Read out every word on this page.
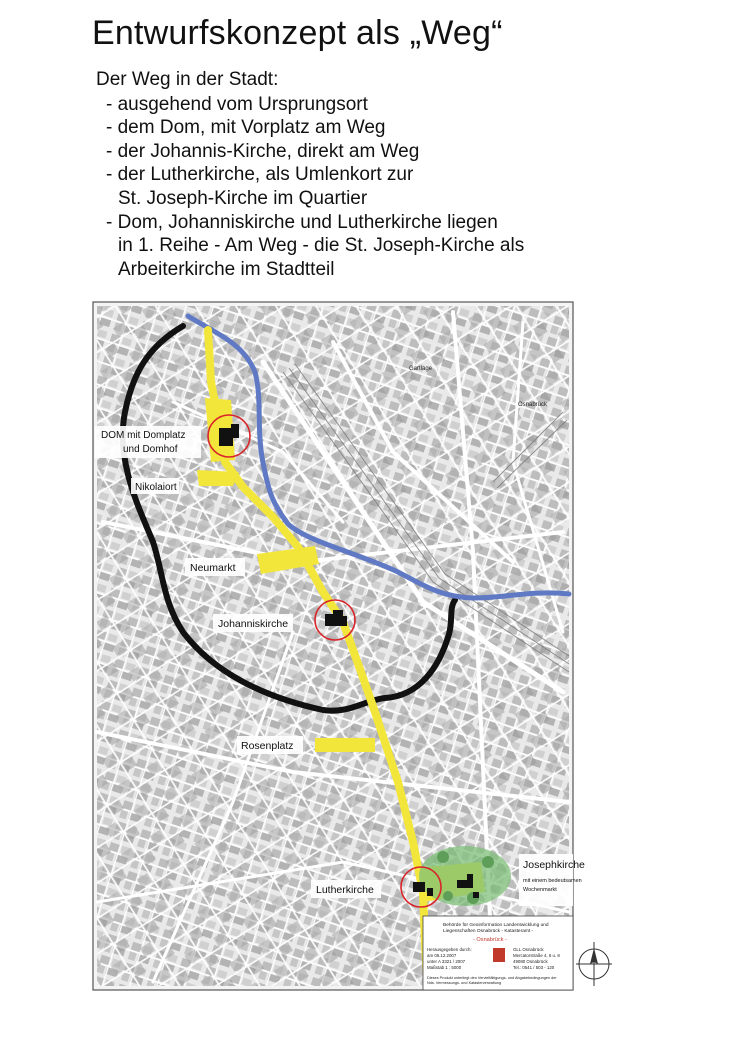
Entwurfskonzept als „Weg“
Der Weg in der Stadt:
- ausgehend vom Ursprungsort
- dem Dom, mit Vorplatz am Weg
- der Johannis-Kirche, direkt am Weg
- der Lutherkirche, als Umlenkort zur
St. Joseph-Kirche im Quartier
- Dom, Johanniskirche und Lutherkirche liegen
in 1. Reihe - Am Weg - die St. Joseph-Kirche als
Arbeiterkirche im Stadtteil
DOM mit Domplatz
und Domhof
Nikolaiort
Neumarkt
Johanniskirche
Rosenplatz
Lutherkirche
Josephkirche
mit einem bedeutsamen
Wochenmarkt
Gartlage
Osnabrück
Behörde für Geoinformation Landentwicklung und
Liegenschaften Osnabrück - Katasteramt -
- Osnabrück -
Herausgegeben durch:
am 06.12.2007
unter A 3321 / 2007
Maßstab 1 : 5000
GLL Osnabrück
Mercatorstraße 4, 6 u. 8
49080 Osnabrück
Tel.: 0541 / 503 - 120
Dieses Produkt unterliegt den Vervielfältigungs- und Abgabebedingungen der
Nds. Vermessungs- und Katasterverwaltung
